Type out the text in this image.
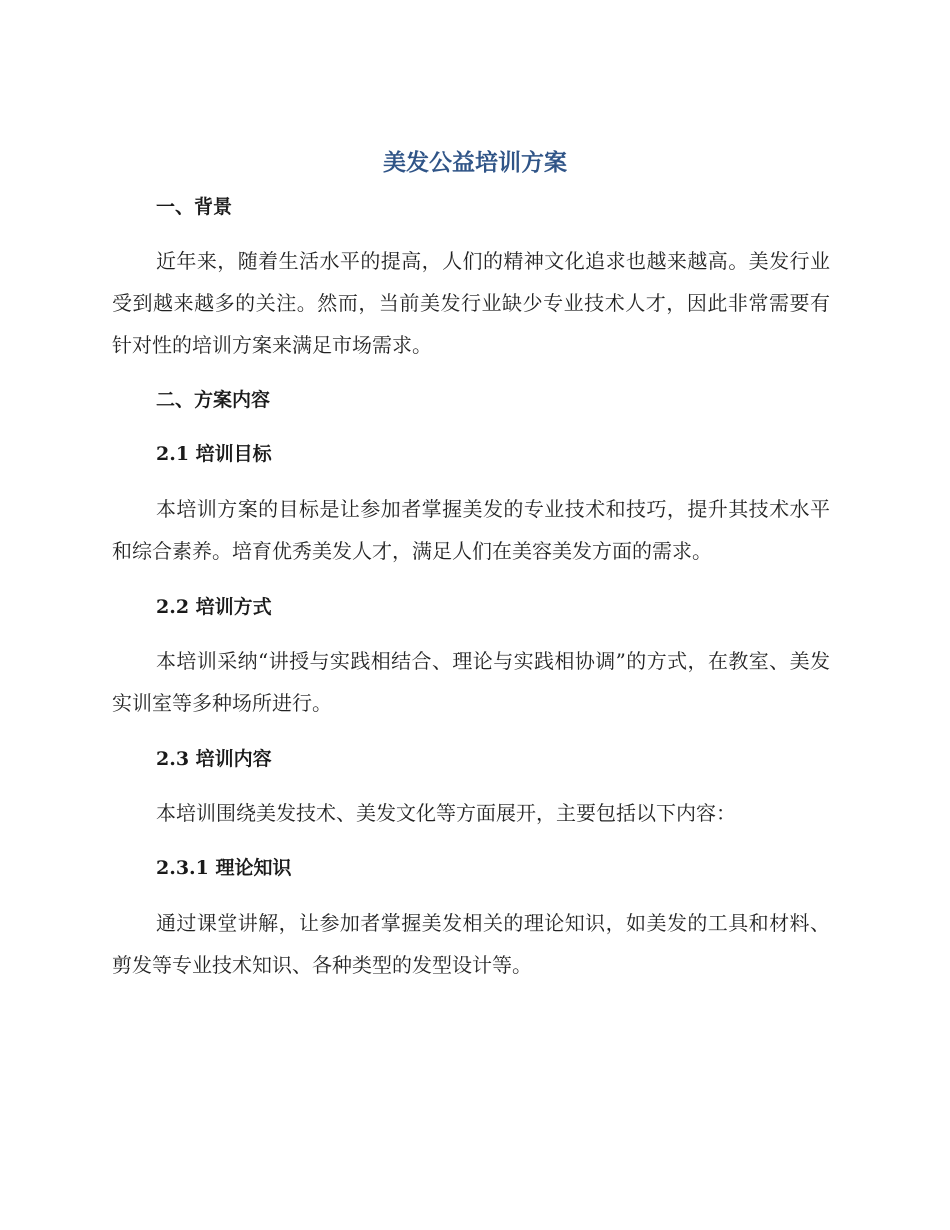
美发公益培训方案
一、背景

近年来，随着生活水平的提高，人们的精神文化追求也越来越高。美发行业受到越来越多的关注。然而，当前美发行业缺少专业技术人才，因此非常需要有针对性的培训方案来满足市场需求。

二、方案内容
2.1 培训目标

本培训方案的目标是让参加者掌握美发的专业技术和技巧，提升其技术水平和综合素养。培育优秀美发人才，满足人们在美容美发方面的需求。

2.2 培训方式

本培训采纳“讲授与实践相结合、理论与实践相协调”的方式，在教室、美发实训室等多种场所进行。

2.3 培训内容

本培训围绕美发技术、美发文化等方面展开，主要包括以下内容：

2.3.1 理论知识

通过课堂讲解，让参加者掌握美发相关的理论知识，如美发的工具和材料、剪发等专业技术知识、各种类型的发型设计等。
